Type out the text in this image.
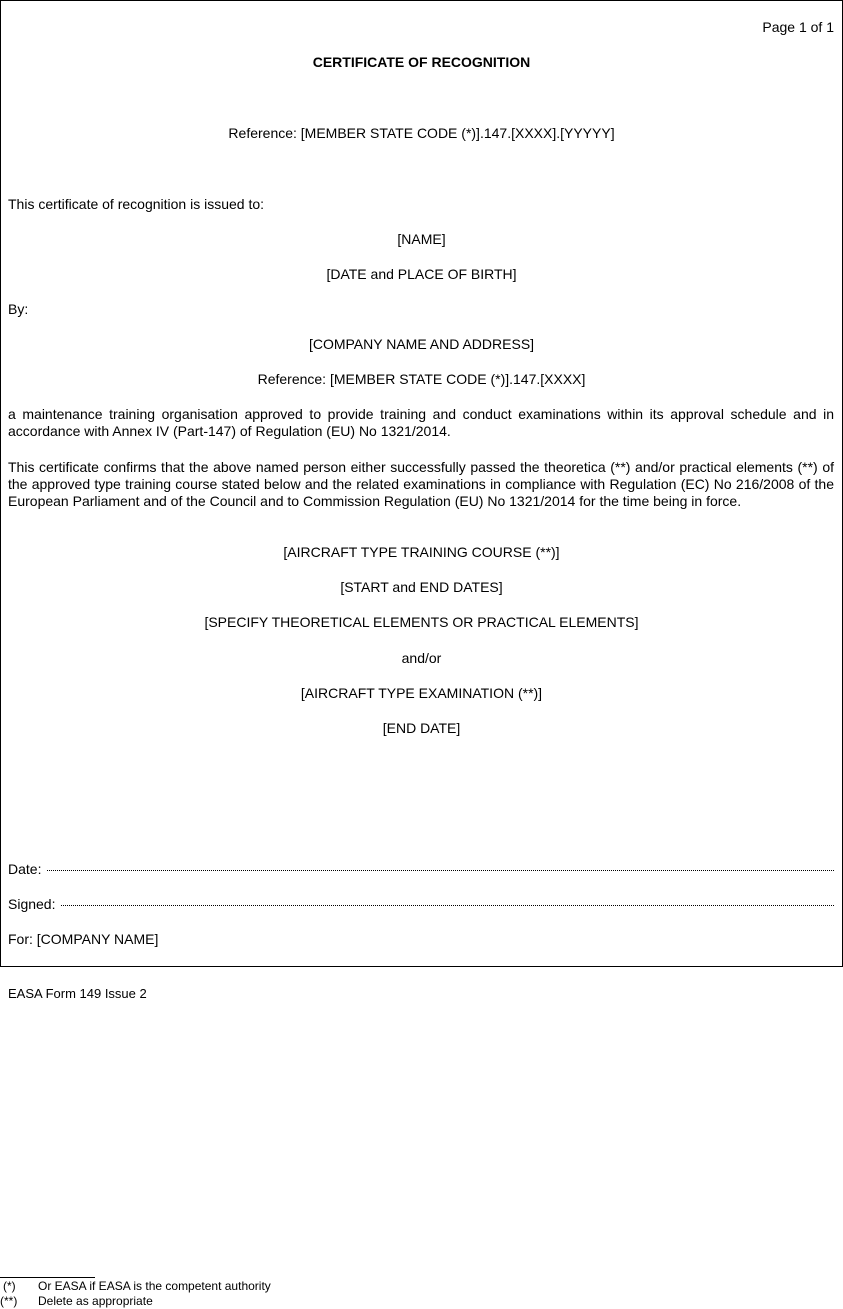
Page 1 of 1
CERTIFICATE OF RECOGNITION
Reference: [MEMBER STATE CODE (*)].147.[XXXX].[YYYYY]
This certificate of recognition is issued to:
[NAME]
[DATE and PLACE OF BIRTH]
By:
[COMPANY NAME AND ADDRESS]
Reference: [MEMBER STATE CODE (*)].147.[XXXX]
a maintenance training organisation approved to provide training and conduct examinations within its approval schedule and in accordance with Annex IV (Part-147) of Regulation (EU) No 1321/2014.
This certificate confirms that the above named person either successfully passed the theoretica (**) and/or practical elements (**) of the approved type training course stated below and the related examinations in compliance with Regulation (EC) No 216/2008 of the European Parliament and of the Council and to Commission Regulation (EU) No 1321/2014 for the time being in force.
[AIRCRAFT TYPE TRAINING COURSE (**)]
[START and END DATES]
[SPECIFY THEORETICAL ELEMENTS OR PRACTICAL ELEMENTS]
and/or
[AIRCRAFT TYPE EXAMINATION (**)]
[END DATE]
Date:
Signed:
For: [COMPANY NAME]
EASA Form 149 Issue 2
(*) Or EASA if EASA is the competent authority
(**) Delete as appropriate
